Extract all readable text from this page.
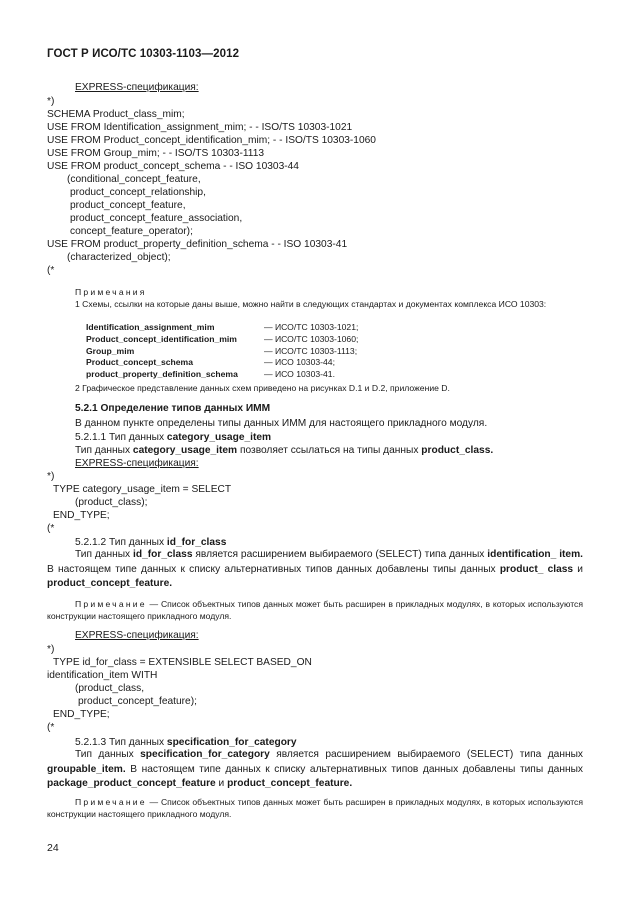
ГОСТ Р ИСО/ТС 10303-1103—2012
EXPRESS-спецификация:
*)
SCHEMA Product_class_mim;
USE FROM Identification_assignment_mim; - - ISO/TS 10303-1021
USE FROM Product_concept_identification_mim; - - ISO/TS 10303-1060
USE FROM Group_mim; - - ISO/TS 10303-1113
USE FROM product_concept_schema - - ISO 10303-44
(conditional_concept_feature,
product_concept_relationship,
product_concept_feature,
product_concept_feature_association,
concept_feature_operator);
USE FROM product_property_definition_schema - - ISO 10303-41
(characterized_object);
(*
Примечания
1 Схемы, ссылки на которые даны выше, можно найти в следующих стандартах и документах комплекса ИСО 10303:
Identification_assignment_mim	— ИСО/ТС 10303-1021;
Product_concept_identification_mim	— ИСО/ТС 10303-1060;
Group_mim	— ИСО/ТС 10303-1113;
Product_concept_schema	— ИСО 10303-44;
product_property_definition_schema	— ИСО 10303-41.
2 Графическое представление данных схем приведено на рисунках D.1 и D.2, приложение D.
5.2.1 Определение типов данных ИММ
В данном пункте определены типы данных ИММ для настоящего прикладного модуля.
5.2.1.1 Тип данных category_usage_item
Тип данных category_usage_item позволяет ссылаться на типы данных product_class.
EXPRESS-спецификация:
*)
TYPE category_usage_item = SELECT
(product_class);
END_TYPE;
(*
5.2.1.2 Тип данных id_for_class
Тип данных id_for_class является расширением выбираемого (SELECT) типа данных identification_ item. В настоящем типе данных к списку альтернативных типов данных добавлены типы данных product_ class и product_concept_feature.
Примечание — Список объектных типов данных может быть расширен в прикладных модулях, в которых используются конструкции настоящего прикладного модуля.
EXPRESS-спецификация:
*)
TYPE id_for_class = EXTENSIBLE SELECT BASED_ON
identification_item WITH
(product_class,
product_concept_feature);
END_TYPE;
(*
5.2.1.3 Тип данных specification_for_category
Тип данных specification_for_category является расширением выбираемого (SELECT) типа данных groupable_item. В настоящем типе данных к списку альтернативных типов данных добавлены типы данных package_product_concept_feature и product_concept_feature.
Примечание — Список объектных типов данных может быть расширен в прикладных модулях, в которых используются конструкции настоящего прикладного модуля.
24
